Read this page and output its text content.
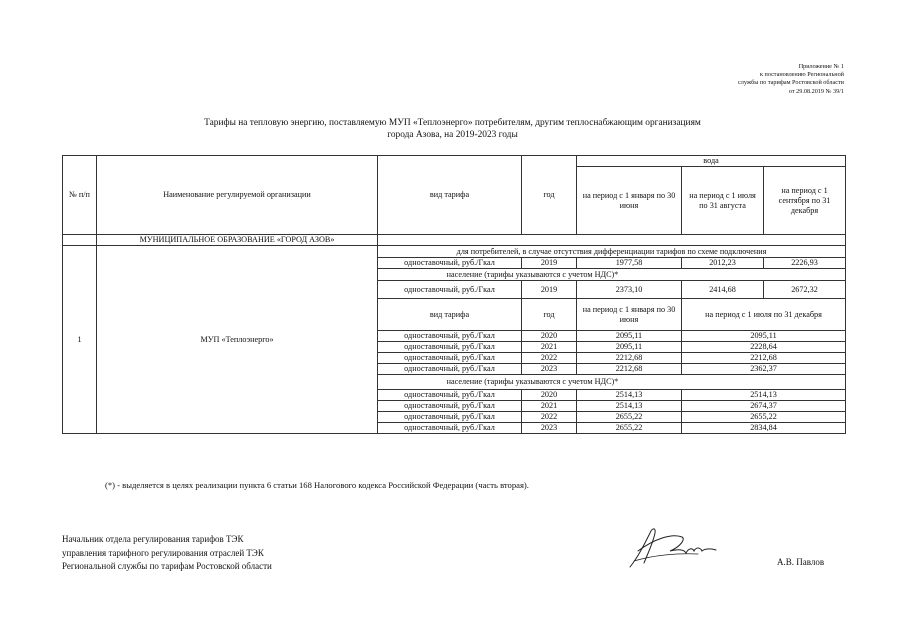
Приложение № 1
к постановлению Региональной
службы по тарифам Ростовской области
от 29.08.2019 № 39/1
Тарифы на тепловую энергию, поставляемую МУП «Теплоэнерго» потребителям, другим теплоснабжающим организациям
города Азова, на 2019-2023 годы
№ п/п	Наименование регулируемой организации	вид тарифа	год	вода		
				на период с 1 января по 30 июня	на период с 1 июля по 31 августа	на период с 1 сентября по 31 декабря
	МУНИЦИПАЛЬНОЕ ОБРАЗОВАНИЕ «ГОРОД АЗОВ»					
1	МУП «Теплоэнерго»	для потребителей, в случае отсутствия дифференциации тарифов по схеме подключения				
		одноставочный, руб./Гкал	2019	1977,58	2012,23	2226,93
		население (тарифы указываются с учетом НДС)*				
		одноставочный, руб./Гкал	2019	2373,10	2414,68	2672,32
		вид тарифа	год	на период с 1 января по 30 июня	на период с 1 июля по 31 декабря	
		одноставочный, руб./Гкал	2020	2095,11	2095,11	
		одноставочный, руб./Гкал	2021	2095,11	2228,64	
		одноставочный, руб./Гкал	2022	2212,68	2212,68	
		одноставочный, руб./Гкал	2023	2212,68	2362,37	
		население (тарифы указываются с учетом НДС)*				
		одноставочный, руб./Гкал	2020	2514,13	2514,13	
		одноставочный, руб./Гкал	2021	2514,13	2674,37	
		одноставочный, руб./Гкал	2022	2655,22	2655,22	
		одноставочный, руб./Гкал	2023	2655,22	2834,84	
(*) - выделяется в целях реализации пункта 6 статьи 168 Налогового кодекса Российской Федерации (часть вторая).
Начальник отдела регулирования тарифов ТЭК
управления тарифного регулирования отраслей ТЭК
Региональной службы по тарифам Ростовской области	А.В. Павлов
